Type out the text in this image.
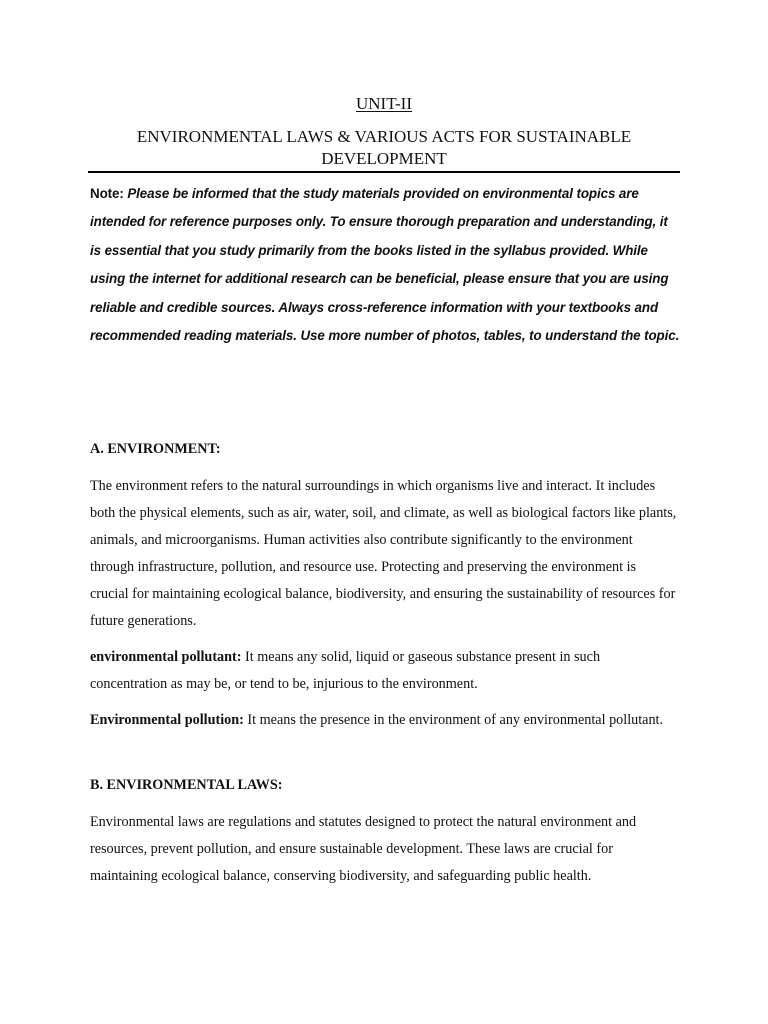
UNIT-II
ENVIRONMENTAL LAWS & VARIOUS ACTS FOR SUSTAINABLE DEVELOPMENT

Note: Please be informed that the study materials provided on environmental topics are intended for reference purposes only. To ensure thorough preparation and understanding, it is essential that you study primarily from the books listed in the syllabus provided. While using the internet for additional research can be beneficial, please ensure that you are using reliable and credible sources. Always cross-reference information with your textbooks and recommended reading materials. Use more number of photos, tables, to understand the topic.

A. ENVIRONMENT:

The environment refers to the natural surroundings in which organisms live and interact. It includes both the physical elements, such as air, water, soil, and climate, as well as biological factors like plants, animals, and microorganisms. Human activities also contribute significantly to the environment through infrastructure, pollution, and resource use. Protecting and preserving the environment is crucial for maintaining ecological balance, biodiversity, and ensuring the sustainability of resources for future generations.

environmental pollutant: It means any solid, liquid or gaseous substance present in such concentration as may be, or tend to be, injurious to the environment.

Environmental pollution: It means the presence in the environment of any environmental pollutant.

B. ENVIRONMENTAL LAWS:

Environmental laws are regulations and statutes designed to protect the natural environment and resources, prevent pollution, and ensure sustainable development. These laws are crucial for maintaining ecological balance, conserving biodiversity, and safeguarding public health.
